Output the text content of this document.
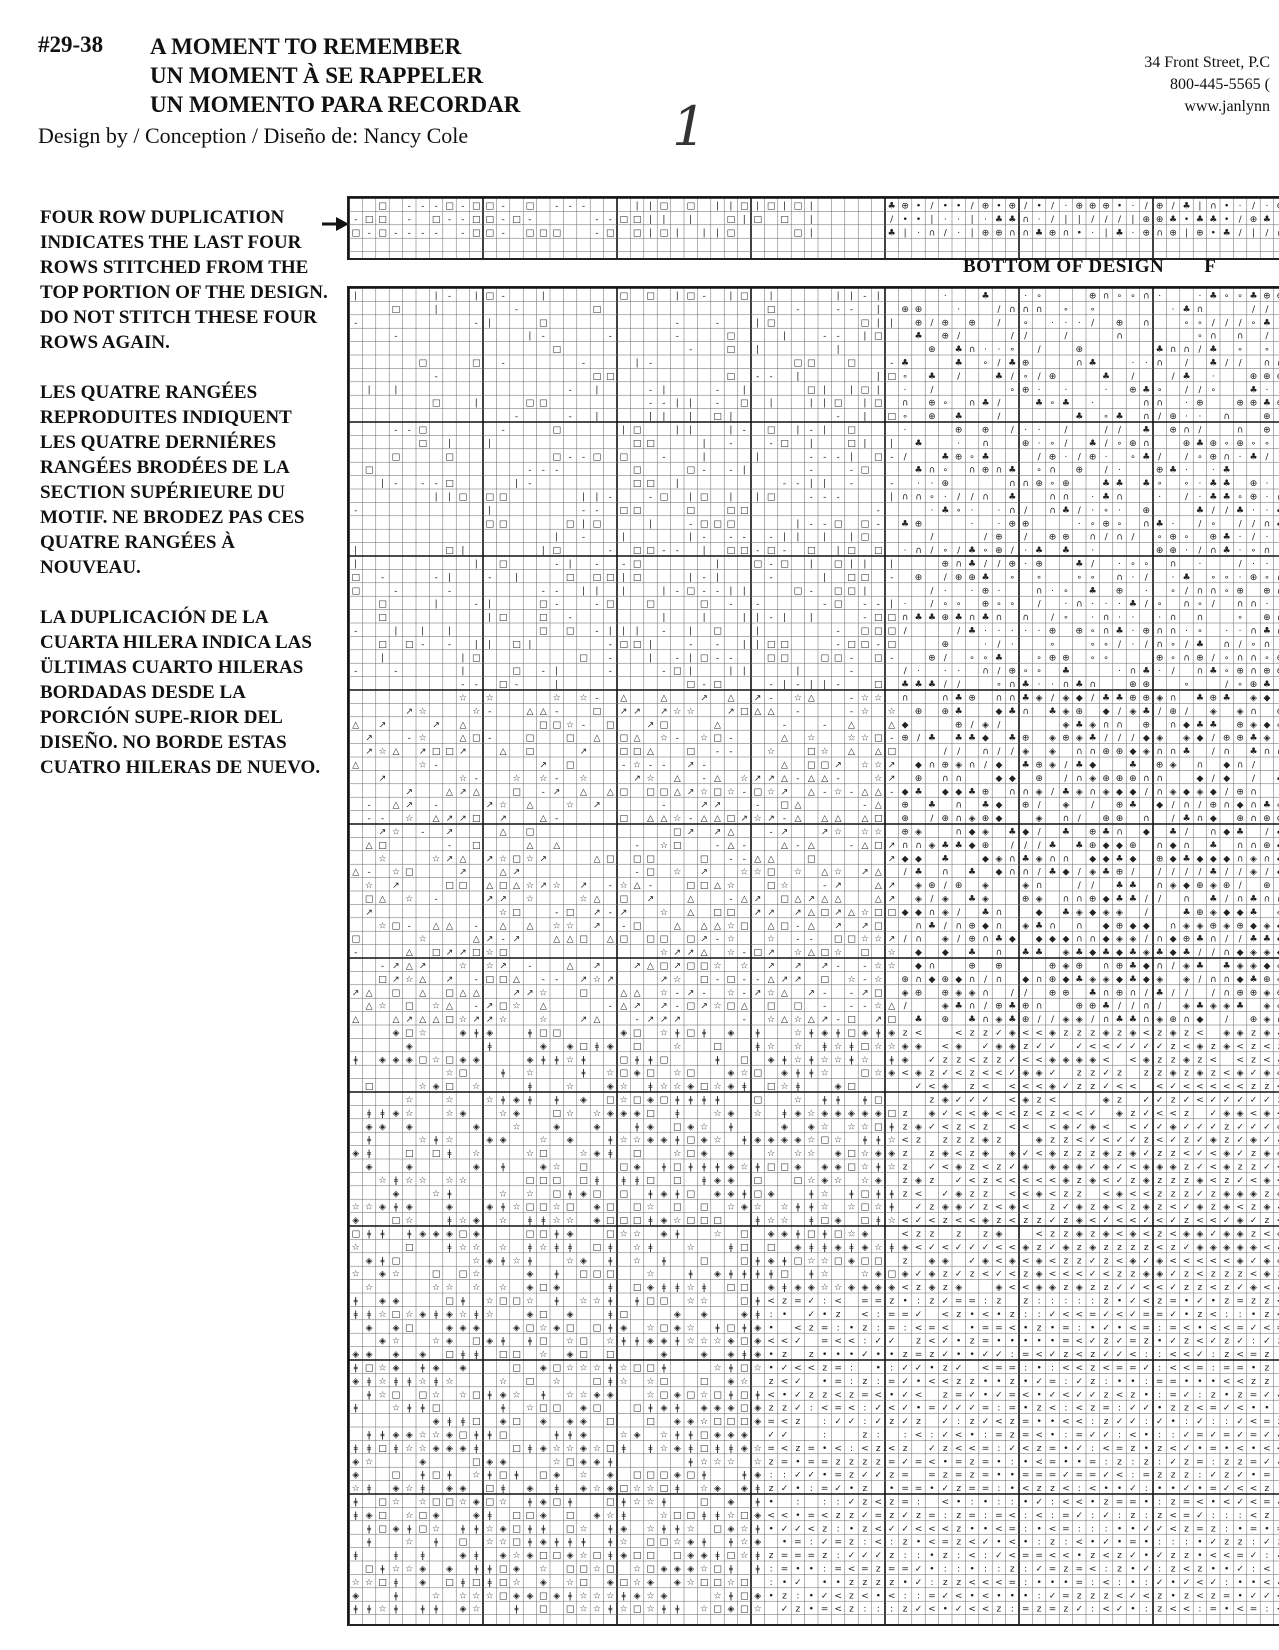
#29-38 A MOMENT TO REMEMBER
UN MOMENT À SE RAPPELER
UN MOMENTO PARA RECORDAR
Design by / Conception / Diseño de: Nancy Cole	1
34 Front Street, P.C
800-445-5565 (
www.janlynn

FOUR ROW DUPLICATION INDICATES THE LAST FOUR ROWS STITCHED FROM THE TOP PORTION OF THE DESIGN. DO NOT STITCH THESE FOUR ROWS AGAIN.

LES QUATRE RANGÉES REPRODUITES INDIQUENT LES QUATRE DERNIÉRES RANGÉES BRODÉES DE LA SECTION SUPÉRIEURE DU MOTIF. NE BRODEZ PAS CES QUATRE RANGÉES À NOUVEAU.

LA DUPLICACIÓN DE LA CUARTA HILERA INDICA LAS ÜLTIMAS CUARTO HILERAS BORDADAS DESDE LA PORCIÓN SUPE-RIOR DEL DISEÑO. NO BORDE ESTAS CUATRO HILERAS DE NUEVO.

□ - - - □ - □ □ - □ - - -	| | □ □ | | □ | □ | □ |	♣ ⊕ • / • • / ⊕ • ⊕ / • / · ⊕ ⊕ ⊕ • · / ⊕ / ♣ | ∩ • · / ·
- □ □ - □ - - □ □ - □ -	- - □ □ | |	|	□ | □ □ |	/ • • | · · | · ♣ ♣ ∩ · / | | / / / | ⊕ ⊕ ♣ • ♣ ♣ • / ⊕ ♣
□ - □ - - - -	- □ □ - □ □ □	- □ □ | □ |	| | □	□ |	♣ | · ∩ / · | ⊕ ⊕ ∩ ∩ ♣ ⊕ ∩ • · | ♣ · ⊕ ∩ ⊕ | ⊕ • ♣ / | /
BOTTOM OF DESIGN F
|	| -	| □ -	|	□ □ | □ -	| □ |	| | - |	·	♣	· ∘	⊕ ∩ ∘ ∘ ∩ ·	· ♣ ∘ ∘ ♣ ⊕
□	|	-	□	□ -	- -	| ⊕ ⊕	·	/ ∩ ∩ ∩ ∘ ∘	· ♣ ∩	/ /
-	- |	□	-	-	| □	□ | | ⊕ / ⊕ ⊕ / ∘	· · · / ⊕ ∩	∘ ∘ / / / ∘ ♣
-	| -	-	-	□	|	- -	| □	♣ ⊕ /	/ /	/	∩	∘ ∩ ∩ /
□	-	□ |	|	⊕ ♣ ∩ · · ∘ /	⊕	♣ ∩ ∩ / ♣ ∘ ∘
□	□ -	-	| -	□ □	□	- ♣	♣ ∘ / ♣ ⊕	∩ ♣	· · ∩ / ♣ / / ∩
-	□ □	□ - -	|	| □ ∘ ♣ /	♣ / ∘ / ⊕	♣ /	/ ♣ ·	⊕ ⊕
|	|	-	|	- |	-	|	□ |	| □ |	·	/	∘ ⊕ ·	·	· ⊕ ♣ ∘ / / ∘	♣ ·
□	|	□ □	- - | |	- □ |	| | □ | □ ∩ ⊕ ∘ ∩ ♣ /	♣ ∘ ♣ ·	∩ ∩ · ⊕	⊕ ⊕ ♣
-	-	|	| |	| □ |	-	| □ ∘ ⊕ ♣	/	♣ ∘ ♣ ∩ / ⊕ · · ∩	⊕
- - □	-	□	| □	| |	| - □ | - | □	·	⊕ ⊕ / · ·	/	/ / ♣ ⊕ ∩ /	∩ ⊕
□ |	|	□ □	|	-	- □ |	□ |	| ♣	· ∩	⊕ · ∘ / ♣ / ∘ ⊕ ∩	⊕ ♣ ⊕ ∘ ⊕ ∘ ∘
□	□	□ - - □ □	-	|	|	- - - | □ - /	♣ ⊕ ∘ ♣	/ ⊕ · / ⊕ ·	∘ ♣ /	/ ∘ ⊕ ∩ · ♣ /
□	- - -	□	□ -	- |	-	- □	♣ ∩ ∘ ∩ ⊕ ∩ ♣ ∘ ∩ ⊕ / ·	⊕ ♣ ·	· ♣
| -	- - □	| -	□ □ |	- - | |	-	-	· · ⊕	∩ ∩ ⊕ ∘ ⊕	♣ ♣ ♣ ∘ ∘ · ♣ ♣ ⊕ ·
| | □ □ □	| | -	- □ | □ |	| □	- - -	| ∩ ∩ ∘ · / / ∩ ♣	∩ ∩ · ♣ ∩	·	/ · ♣ ♣ ∘ ⊕ ·
-	|	- - □ □	□	□ □	-	· ♣ ∘ ·	· ∩ / ∩ ♣ / · ∘ · ⊕	♣ / / ♣ · ·
□ □	□ | □	|	- □ □ □	| - - □ □ - ♣ ⊕	·	· ⊕ ⊕	· ∘ ⊕ ∘ ∩ ♣ ·	/ ∘ / / ∩
|	-	|	| -	- -	- | |	|	| □	/	/ ⊕ / ⊕ ⊕ ∩ / ∩ / ∘ ⊕ ∘ ⊕ ♣ · / ·
|	□ |	| □	- □ □ - -	| □ □ - □ - □ | □ □ · ∩ / ∘ / ♣ ∘ ⊕ / · ♣ ♣ ·	⊕ ⊕ · / ∩ ♣ · ∘ ∩
|	| □	- |	-	- □	|	□ - □ | □ | |	|	⊕ ∩ ♣ / / ⊕ · ⊕	♣ /	· ∘ ∘ ∩ ·	/ · ·
□ -	- |	-	|	□ □ □ | □	| - |	-	| □ □ - ⊕ / ⊕ ⊕ ♣ ∘ ∘	∘ ∘ ∩ · /	· ♣ ∘ ∘ · ⊕ ∘
□	-	-	- -	| |	|	| - □ - - | |	□ - □ □ |	/ ·	· ⊕ ·	∩ · ∘ ♣ ⊕ ·	∘ / ∩ ∩ ∘ ⊕ ⊕
□	|	- |	□ -	- □	□	□ -	-	- □ - - | ·	/ ∘ ∘ ⊕ ∘ ∘ /	· ∩ · · · ♣ / ∘ ∩ ∘ / ∩ ∩ ·
□	| □	□ -	|	|	| | - |	|	- □ □ ∩ ♣ ♣ ⊕ ♣ ∩ ♣ ∩ ∩ / ∘	· ∩ · ·	· ∩ ∩	∘ ⊕
-	|	|	|	□ □ - | | |	-	| □	|	- □ □ □ /	/ ♣ · · · · · ⊕ ⊕ ∘ ∩ ♣ · ⊕ ∩ ∩ · ∘	· · ∩ ♣
□ □ -	-	| | □ |	- □ □ |	-	-	| | □ □	- □ □ - □	⊕	· / ·	∘	∘ ∘ / · / ∩ ∘ / ♣ ∩ / ∘ ∩
|	| □	□ -	|	- | □ - -	□ □	□ □ - □ -	⊕ / ∘ ∘ ♣	∘ ⊕ ⊕ ∘ ∘	⊕ ∘ ∩ ⊕ / ∘ ∩ ∩ ∘
-	-	|	□ - |	-	- □ |	| |	|	-	/ ·	· · ∩ / ⊕ ∘ ∘ ♣	· ∩ ♣ · / ∩ ♣ ∘ ⊕ ∩ ⊕
- - □ -	|	□ - □	- | - | | -	□ ♣ ♣ ♣ / /	∘ ∩ ♣ · · ∩ ♣ ∩	⊕ ⊕	∘	/ ∘ ⊕ ♣
☆ ☆	☆ ☆ - △	△	↗ △ ↗ - ☆ △	- ☆ ☆ ∩	∩ ♣ ⊕ ∩ ∩ ♣ ◈ / ◈ ◆ / ♣ ♣ ⊕ ⊕ ◈ ∩ ♣ ⊕ ♣ ◈ ◆
↗ ☆	☆ -	△ △ -	□ ↗ ↗ ↗ ☆ ☆	↗ □ △ △ -	- ☆ ☆ ⊕ ⊕ ♣	◆ ♣ ∩ ♣ ◈ ⊕ ◆ / ◈ ♣ / ⊕ / ◈ ◈ ∩
△ ↗	↗ △	□ □ ☆ - □	↗ □	△	-	- △	△ ◆	⊕ / ◈ /	◈ ♣ ◈ ∩ ∩ ⊕ ∩ ◆ ♣ ♣ ⊕ ◈ ◆
↗	- ☆	△ □ -	□	□ △ □ △ ☆ - ☆ □ -	△ ☆	☆ ☆ □ - ⊕ / ♣ ♣ ♣ ◆ ♣ ⊕ ◈ ⊕ ◈ ♣ / / / ◆ ◈ ◈ ◆ / ⊕ ⊕ ♣ ◈
↗ ☆ △ ↗ □ □ ↗	△ □	↗	□ □ △	□ - -	☆	□ ☆ △ △ □	/ / ∩ / / ◈ ◈ ∩ ∩ ⊕ ⊕ ◆ ◈ ∩ ∩ ♣ / ∩ ♣ ∩
△	☆ -	↗ □	- ☆ - - ↗ -	△ □ □ ↗ ☆ ☆ ↗ ◆ ∩ ⊕ ◈ ∩ / ◆ ♣ ⊕ ◈ / ♣ ◆	♣ ⊕ ◈ ∩ ◆ ∩ /
↗	☆ -	☆ ☆ - ☆	↗ ☆ △ - △ ☆ ↗ ↗ △ - △ △ -	☆ ↗ ⊕ ∩ ∩	◆ ◆ ⊕ / ∩ ◈ ⊕ ⊕ ⊕ ∩ ∩	◆ / ◆ /
↗	△ ↗ △	□ - ↗ △ △ □ □ □ △ ↗ ☆ □ ☆ - □ ☆ ↗ △ - ☆ - △ △ - ◆ ♣ ◆ ◆ ♣ ⊕ ∩ ∩ ◈ / ♣ ◈ ∩ ◈ ◆ ◆ / ∩ ◈ ◆ ◈ ◆ / ⊕ ∩
- △ ↗ -	↗ ☆ △	☆ ↗	-	↗ ↗	- □ △	- △ ⊕ ♣ ∩ ♣ ◆ ⊕ / ◈ / ⊕ ♣ ◆ / ∩ / ⊕ ∩ ◆ ∩ ♣
- - ☆ △ ↗ ↗ □ ↗	△ -	□ △ △ ☆ - △ △ □ ↗ ☆ ↗ - △ △ △ △ □ ⊕ / ⊕ ∩ ◈ ⊕ ◆	◈ ∩ / ⊕ ⊕ ∩ / ♣ ∩ ◆ ⊕ ∩ ⊕
↗ ☆ - ↗	△ □	□ ↗ ↗ △	- ↗	↗ ☆ ☆ ☆ ⊕ ◈	∩ ◆ ◈ ♣ ◆ / ♣ ⊕ ♣ ∩ ◆ ♣ / ∩ ◆ ♣ /
△ □	- □	△ △	- ☆ □	- △ -	△ - △	- △ □ ↗ ∩ ∩ ◈ ♣ ♣ ◆ ⊕ / / / ♣ ♣ ⊕ ◆ ◆ ⊕ ∩ ◆ ∩ ♣ ∩ ∩ ⊕
☆	☆ ↗ △ ↗ ☆ □ ☆ ↗	△ □ □ □	□ - - △ △	□	↗ ◆ ◆ ♣	◆ ◈ ∩ ♣ ◈ ∩ ∩ ◆ ◆ ♣ ◆ ⊕ ◆ ♣ ◆ ◆ ◆ ∩ ◈ ∩
△ - ☆ □	↗	△ ↗	- □ ☆ ↗	☆ ☆ □ ☆ △ ☆ ↗ △ / ♣ ∩ ♣ ◆ ∩ ∩ / ♣ ◆ / ◈ ♣ ⊕ /	/ / / / ♣ / / ◈ /
☆ ↗	□ □ △ □ △ ☆ ↗ ☆ ↗ - ☆ △ -	□ □ △ ☆	□ ☆	- ↗	△ ↗ ◈ ⊕ / ⊕ ◈	◈ ∩	/ / ♣ ♣ ∩ ◈ ◆ ⊕ ◈ ⊕ / ⊕
□ △ ☆ -	↗ ↗ ☆	☆ △ □ ↗	△	- △ ↗ □ △ ↗ △ △	△ ↗ ◈ / ◈ ♣ ◈	⊕ ◈ ∩ ∩ ⊕ ◆ ♣ ♣ / / ∩ ♣ / ∩ ♣ ∩
↗	☆ □	- □ ↗ - ↗	☆ △ □ □ ↗ ↗ ↗ △ □ ↗ △ ☆ □ □ ◆ ◆ ∩ ◈ / ♣ ∩	◆ ♣ ◈ ◆ ◈ ◈ /	♣ ⊕ ◈ ◆ ◆ ♣
☆ □ - △ △ - △ △ ☆ ☆ ↗ - □	△ △ △ ☆ □ △ □ - △ ↗ ↗ □	∩ ♣ / ∩ ⊕ ◆ ∩ ◈ ♣ ∩ ∩ ◆ ⊕ ◆ ◆ ∩ ◈ ◈ ⊕ ◈ ⊕ ◆ ◈
□	☆	△ ↗ - ↗	△ △ □ △ □ □ □ □ ↗ - ☆	☆ - - □ □ ☆ ☆ ↗ / ∩ ◈ / ⊕ ∩ ♣ ◆ ◆ ◆ ◆ ∩ ∩ ◆ ◈ ◈ / ∩ ◆ ⊕ ♣ ∩ / / ♣ ♣
-	△ □ ↗ ↗ □ ☆ □	☆ ↗ ↗ △ ☆ - □ ↗ ☆ △ □ ☆ □ ☆ ◆ ◆ ♣ ∩ ♣ ♣ ◈ ♣ ◆ ♣ ◆ ♣ ◈ ♣ ◆ ♣ / / ∩ ◆ ◈ ◈
- ↗ △ ↗	☆ ☆ ↗ -	△ ↗	↗ △ □ ↗ □ □ ☆ ☆ ↗ ↗ ↗ -	- ☆ ☆ ◆ ∩	⊕ ⊕	⊕ ◈ ⊕ ∩ ⊕ ♣ ◆ ∩ / ◈ ♣ ♣ ◈ ◈ ◆
□ ↗ ☆ △ ↗ - □ □ △ - - ↗ ☆ ↗	↗ ☆ □ - □ - - △ ↗ ↗ □ ☆ - ☆ ⊕ ∩ ◆ ⊕ ◆ ∩ / ∩ ◆ ∩ ⊕ ◆ ♣ ◈ ◈ ◆ ♣ ◆ ◈ ◈ / ∩ ∩ ◆ ♣ ⊕
↗ △ □ △ □ △ △	↗ ↗ ☆	□	△ △ ☆ - ↗ - ☆ - ↗ ☆ △ ↗ -	- ↗ □ ◈ ⊕ ⊕ ◈ ◈ ∩ / / ⊕ ⊕ ♣ ∩ ⊕ ∩ / ♣ / /	/ ∩ ⊕ ⊕ ◈
△ ☆ □ ☆ △ - ↗ □ ☆ △	- △ ↗ ↗ - □ ↗ ☆ □ △ □ □ -	- - ☆ △ /	◈ ♣ ∩ / ⊕ ♣ ⊕ ∩	⊕ ⊕ ♣ / / ∩ / ◈ ♣ ◈ ◈ ♣ ◈
△	△ ↗ △ △ □ ☆ ↗ ↗ ☆	☆	↗ △	- ↗ ↗ ↗	- ☆ △ ☆ △ ↗ - □ ↗ □ ♣ ⊕ ♣ ∩ ◈ ♣ ⊕ / / ◈ ◈ / ∩ ♣ ♣ ∩ ◈ ⊕ ∩ ◆ / ⊕ ◈
◈ □ ☆	◈ ǂ ◈	ǂ □ □	◈ □ ☆ ǂ □ ǂ ◈ ǂ	☆ ǂ ◈ ǂ □ ◈ ǂ ◈ z <	< z z ✓ ◈ < < ◈ z z z ◈ z ◈ < z ◈ z < ◈ ◈ z ◈
◈	ǂ	◈ ◈ □ ǂ ◈ □	☆	□	ǂ ☆ ☆ ǂ ☆ ǂ □ ☆ ☆ ◈ ◈ < ◈ ✓ ◈ ◈ z ✓ ✓ ✓ < < ✓ ✓ ✓ ✓ z < ◈ z ◈ < z <
ǂ ◈ ◈ ◈ □ ☆ □ ◈ ◈	◈ ǂ ǂ ☆ ǂ	□ ǂ ǂ □	ǂ □ ◈ ǂ ☆ ǂ ☆ ☆ ǂ ☆ ǂ ◈ ✓ z z < z z ✓ < < ◈ ◈ ◈ ◈ < < ◈ z z ◈ z < < z <
☆ □	ǂ ☆	ǂ ☆ □ ◈ □ ☆ □	◈ ☆ □ ◈ ǂ ǂ ☆	□ ☆ ◈ < ◈ z ✓ < z < < ✓ ◈ ◈ ✓ z z ✓ z z z ◈ z ◈ z < ◈ ✓ ◈
□	☆ ◈ □ ☆	ǂ	☆	◈ ☆ ǂ ☆ ☆ ◈ □ ☆ ◈ ǂ □ ☆ ǂ	◈ □	✓ < ◈ z < < < < ◈ ✓ z z ✓ < < < ✓ < < < < < z z
☆	☆	☆ ǂ ◈ ǂ	ǂ ◈ □ ☆ □ ◈ □ ǂ ǂ ǂ ǂ	□	☆ ǂ ǂ	ǂ □	z ◈ ✓ ✓ ✓ < ◈ z <	◈ z ✓ ✓ z ✓ < ✓ ✓ ✓ ✓ ✓
ǂ ǂ ◈ ☆	☆ ◈	☆ ◈	□ ☆ ☆ ◈ ◈ ◈ □ ǂ	☆ ◈ ☆ ǂ ◈ ☆ ◈ ◈ ◈ ◈ ◈ □ z ◈ ✓ < < ◈ < < z < z < < ✓ ◈ z ✓ < < z ✓ ◈ ◈ < ◈
◈ ◈ ◈	◈	☆	◈	◈	ǂ ◈ □ ◈ ☆ ǂ	◈ ◈ ☆ ☆ ☆ □ ǂ z ◈ ✓ < z < z < < < ◈ ✓ ◈ < < ✓ ✓ ◈ ✓ ✓ ✓ z ✓ ✓ ✓
ǂ	☆ ǂ ☆	◈ ◈	☆ ◈	ǂ ☆ ☆ ◈ ◈ ǂ □ ◈ ☆ ǂ ◈ ◈ ◈ ◈ ☆ □ ☆ ǂ ǂ ☆ < z z z z ◈ z	◈ z z < ✓ < ✓ ✓ z < ✓ z ✓ ◈ z ✓ ◈ ✓
◈ ǂ	□ □ ǂ ☆	☆ □	☆ ◈ ǂ □	☆ □ ◈ ◈	☆ ☆ ☆ ◈ □ ☆ ◈ ◈ z z ◈ < z ◈ ◈ ✓ < ◈ z z z ◈ z ◈ ✓ z z < ✓ < ◈ ✓ z ◈
◈	◈	◈ ǂ	◈ ☆ □	□ ◈ ǂ □ ǂ ǂ ǂ ◈ ☆ ǂ □ □ ◈ ◈ ◈ □ ☆ ǂ ☆ z ✓ < ◈ z < z ✓ ◈ ◈ ◈ ◈ ✓ ◈ ✓ < ◈ ◈ ◈ z ✓ < ◈ z z ✓
☆ ǂ ☆ ☆ ☆ ☆	□ □ □ □ ǂ	ǂ ǂ □ □ ǂ ◈ ◈ □	□ ☆ ◈ ☆ ☆ ◈ z ◈ z ✓ < z < < < < < ◈ z ◈ < ✓ z ◈ z z z ◈ < z ✓ < ◈
◈	☆ ǂ	☆ ☆ □ ǂ ◈ □ □ ǂ ◈ ǂ □ ◈ ◈ ǂ □ ◈	ǂ ☆ ǂ □ ǂ ǂ z < ✓ ◈ z z < < ◈ < z z < ◈ < < z z z ✓ z ◈ ◈ ◈ z
☆ ☆ ◈ ǂ ◈	◈	◈ ǂ ☆ □ □ ☆ □ ◈ □ □ ☆ □ □ ☆ ◈ ☆ ☆ ǂ ǂ ☆ ☆ □ ☆ ǂ ✓ z ◈ ◈ ✓ z < ◈ < z ✓ ◈ z ◈ < z ◈ z < ✓ ◈ z ◈ < z ◈
◈	□ ☆	ǂ ☆ ◈ ☆ ǂ ǂ ☆ ☆ ◈ □ □ □ ǂ ◈ ☆ □ □ □	ǂ ☆ ☆ ǂ □ ◈ □ ǂ ☆ < ✓ < z < < ◈ z < z z ✓ z ◈ < ✓ < < ✓ < ✓ z < < ✓ ◈ ✓ z
□ ǂ ǂ	ǂ ◈ ◈ ◈ □ ◈	□ □ ǂ ◈	□ ☆ ☆ ◈ ǂ	☆ □ ◈ ◈ ǂ □ ǂ □ ☆ ◈	< z z z z ◈	< z z ◈ z ◈ < ◈ < z < ◈ ◈ ✓ ◈ ◈ z <
☆	□	ǂ ☆ ☆ ☆ ǂ ☆ ǂ ǂ □ ǂ ☆ ǂ	☆	ǂ □ □ ◈ ǂ ǂ ◈ ǂ ◈ ☆ ǂ ◈ < ✓ < ✓ ✓ ✓ < < ◈ z ✓ ◈ z ◈ z z z z < z ✓ ◈ ◈ ◈ ◈ ◈ <
◈ ǂ □	☆ ◈ ǂ ☆ ǂ	☆ ◈ ǂ ☆ ǂ	□	□ ǂ ◈ ǂ □ ☆ ☆ □ ◈ □ □ z ◈ ◈ ✓ ◈ < ◈ < ◈ < z z ✓ z < ◈ ✓ ◈ < < < < < ◈ ✓ ◈
☆ ◈ ☆	□ □ ☆	◈ ǂ □ □ □	☆	ǂ ◈ ǂ ǂ ǂ ǂ □ ǂ ☆	☆ ◈ □ ◈ ✓ ◈ z ✓ z < ✓ < z ◈ < < < ✓ < z z ◈ ◈ ✓ z < z z z < ◈
☆	☆ ☆ ☆ ☆ ◈ □ ◈	ǂ □ ◈ ǂ ǂ ☆ ǂ □ □ ◈ ǂ ◈ ◈ ☆ ☆ ◈ ◈ ◈ ◈ < z ◈ z ◈	◈ < < ◈ ◈ z ◈ z z ✓ ✓ < < ✓ z z < z ✓ ◈ <
ǂ ◈ ◈	□ ǂ ☆ □ □ ☆ ǂ ☆ ☆ ǂ	ǂ □ □ ☆ ☆	□ ǂ < z = ✓ : < = = z • : z ✓ = = : z z : : : : : z • ✓ < z = • ✓ • z = z z
ǂ ǂ ☆ □ ☆ ◈ ǂ ◈ ☆ ǂ ☆	◈ □ ◈	ǂ □	◈ ◈	◈ ǂ : • ✓ • z < : = = ✓ < z • < • z : : ✓ < < = ✓ < ✓ = = ✓ • z < : : • z
◈ ◈ □	◈ ◈ ◈	◈ □ ☆ ◈ □ □ ǂ ◈ ☆ □ ◈ ☆ ǂ □ ǂ ◈ • < z = : • z : = : < = < • = = < • z • = : • ✓ • < = : = < • < < = ✓ <
◈ ☆	☆ ◈ □ ◈ ǂ	ǂ □ ☆ □ ☆ ǂ ǂ ◈ ◈ ǂ ☆ ☆ ☆ ◈ □ ◈ < < ✓ = < < : ✓ ✓ z < ✓ • z = • • • • • = < ✓ z ✓ = z • ✓ z < ✓ z ✓ : ✓
◈ ◈ ◈ ◈ □ ǂ ǂ □ □ ☆ ◈ □ □	◈	◈ ◈ ǂ ◈ • z z • • • ✓ • • z = z ✓ • • ✓ ✓ : = < ✓ z < z ✓ ✓ < : : < < ✓ : z < = z
ǂ □ ☆ ◈ ǂ ◈ ◈	□ ◈ □ ☆ ☆ ☆ ǂ ☆ □ □ ǂ	☆ ǂ □ ☆ • ✓ < < z = :	• : ✓ ✓ • z ✓ < = = : • : < < z < = = ✓ : < < = : = = • z
◈ ǂ ☆ ǂ ǂ ☆ ǂ ☆	☆ □ ☆	□ ǂ ☆ ☆ □	□ ◈ ☆ z < ✓ • = : z : = ✓ • < < z z • • z • ✓ = : ✓ z : • • : = = • • • < < z z
ǂ ☆ □ □ ☆ ☆ □ ǂ ◈ ☆ ǂ ☆ ☆ ◈ ◈	☆ □ ◈ □ ☆ □ ǂ □ ǂ < • ✓ z z < z = < • ✓ < z = ✓ • ✓ = < • ✓ < ✓ ✓ z < z • : = ✓ : z • z = ✓
ǂ	☆ ǂ ǂ □	ǂ ☆ □ □ ◈ □	□ ǂ ◈ ǂ ◈ ◈ ◈ □ ◈ z z ✓ : < = < : ✓ < ✓ • = ✓ ✓ ✓ = : = • z < : < z = : ✓ ✓ • z z < = ✓ < • •
◈ ǂ ǂ □ ◈ □ ◈ ◈ ◈ □	□ ◈ ◈ ☆ □ □ □ ◈ = < z	: ✓ ✓ : ✓ z ✓ z ✓ : z ✓ < z = • • < < : z ✓ ✓ : ✓ • : ✓ : : ✓ < =
ǂ ǂ ◈ ◈ ☆ ☆ ◈ □ ǂ ǂ □	ǂ ǂ ◈	☆ ◈ ☆ ǂ ǂ □ ◈ ◈ ◈ ✓ ✓	:	z :	: < : ✓ < • : = z = < • : = ✓ ✓ : < • : : ✓ = ✓ = ✓ = ✓
ǂ ǂ □ ǂ ☆ ☆ ◈ ◈ ◈ ǂ	□ ǂ ◈ ☆ ☆ ◈ ☆ □ ǂ	ǂ ☆ ◈ ǂ □ ǂ ǂ ◈ ☆ = < z = • < : < z < z ✓ z < < = : ✓ < z = • ✓ : < = z • z < ✓ • = • < • <
◈ ☆	◈	□ ◈ ◈	☆ □ ◈ ◈ ǂ	ǂ ☆ ☆ ☆ ☆ z = • = = z z z z = ✓ = < • = z = • : • < = • • = : z : z : ✓ z = : z z = ✓
◈	□ ǂ □ ǂ ☆ ǂ □ ǂ □ ◈ ☆ ◈ □ □ □ ◈ □ ǂ	ǂ ◈ : : ✓ ✓ • = z ✓ ✓ z = = z = z = • • = = = ✓ = = ✓ < : = z z z : ✓ z ✓ • =
☆ ǂ ◈ ☆ ǂ ◈ ◈ □ ǂ ◈ ǂ ◈ ☆ ◈ □ ☆ ☆ □ ǂ ☆ ◈ ◈ ǂ z ✓ • : = ✓ • z • = = • ✓ z = = : • < z z < : < • • ✓ : • • ✓ • = ✓ < < z
ǂ □ ☆ ☆ □ □ ☆ ◈ □ ☆ ǂ ◈ □ ǂ	□ ǂ ☆ ☆ ǂ	□ ◈ ǂ •	:	: : ✓ z < z = : < • : • : : • ✓ : < < • z = = • : z = < • < ✓ < =
ǂ ◈ □ ☆ □ ◈	◈ ǂ □ □ ◈ □ ◈ ☆ ǂ	☆ □ □ ǂ ǂ ☆ □ ◈ < < • = < z z ✓ = z ✓ z = : z = : = < : < : = ✓ : ✓ : z : z < = ✓ : : : < z
ǂ □ ◈ ǂ □ ☆ ǂ ǂ ☆ ◈ □ ǂ ǂ □ ☆ ǂ ◈ ☆ ǂ ǂ ☆ □ ◈ ☆ ǂ • ✓ ✓ < z : • z < ✓ ✓ < < < z • • < = : • < = : : : • • ✓ ✓ < z = z : • = •
ǂ	☆ ǂ □ ☆ ☆ □ ǂ ◈ ǂ ǂ ǂ	ǂ ☆ □ □ ☆ ◈ ǂ	ǂ ☆ ◈ • = : ✓ = z : < : z • < = z < ✓ • < • : z : < • ✓ • = • : : : • ✓ z z : ✓
ǂ	ǂ	ǂ	◈ ǂ ◈ ☆ ◈ □ □ ◈ ☆ □ ǂ ◈ □ □ □ ◈ ◈ ǂ □ ☆ ǂ z = = = z : ✓ ✓ ✓ z : : • z : < : ✓ < = = < < • z < z ✓ • ✓ z z • < < = ✓ :
□ ǂ ☆ ☆ ◈ ◈ ǂ ǂ □ ◈ ☆ □ □ ☆ □ ☆ □ ◈ ◈ ◈ ☆ □ ǂ	ǂ : = • • : = < = z = = ✓ • : : • : : z : ✓ = z = < : z • ✓ : z < z • • ✓ : <
☆ ☆ □ ǂ ◈ □ ǂ □ ǂ □ ☆ ◈ ☆ □ ◈ □ ☆ ◈ ◈ ☆ □ □ ☆ □ : • ✓ • • z z z z • ✓ : z z < < < = : • • • = : < : • : ✓ • ✓ < ✓ : • • <
◈	ǂ	☆ ☆ ☆ ☆ □ ◈ ◈ □ ◈ ǂ ☆ ☆ ☆ ǂ ◈ ☆ ◈	☆ ǂ □ ◈ • z : • ✓ < z < • < : : = ✓ < • < • • • : ✓ = z z z < ✓ < z • z < z = • ✓ ✓
ǂ ǂ ☆ ǂ	ǂ ǂ ◈ ☆	ǂ □ □ ☆ ☆ ǂ ☆ □ ☆ ǂ ǂ ☆ □ ◈ □ ☆ ✓ z • = < z : : : z ✓ < • ✓ < < z : = z = z ✓ : < ✓ • : z < < : = • < = :
